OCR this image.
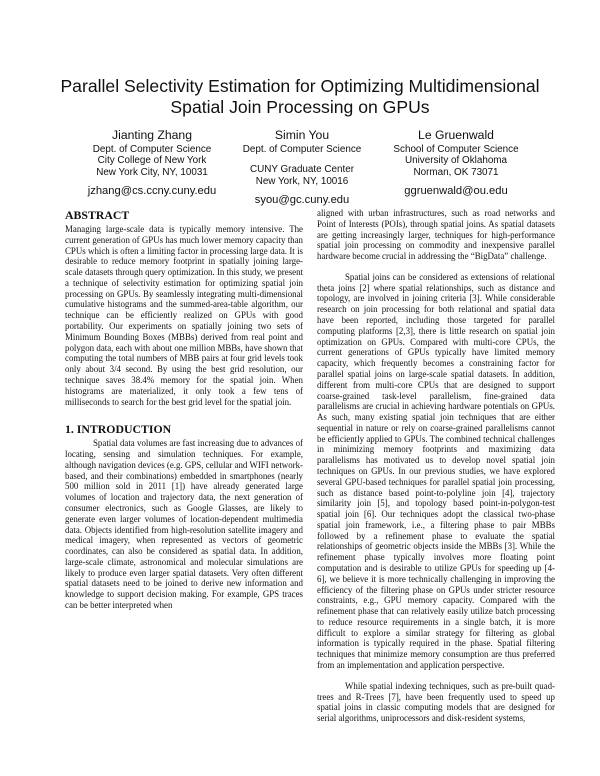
Parallel Selectivity Estimation for Optimizing Multidimensional Spatial Join Processing on GPUs
Jianting Zhang
Dept. of Computer Science
City College of New York
New York City, NY, 10031
jzhang@cs.ccny.cuny.edu
Simin You
Dept. of Computer Science
CUNY Graduate Center
New York, NY, 10016
syou@gc.cuny.edu
Le Gruenwald
School of Computer Science
University of Oklahoma
Norman, OK 73071
ggruenwald@ou.edu
ABSTRACT

Managing large-scale data is typically memory intensive. The current generation of GPUs has much lower memory capacity than CPUs which is often a limiting factor in processing large data. It is desirable to reduce memory footprint in spatially joining large-scale datasets through query optimization. In this study, we present a technique of selectivity estimation for optimizing spatial join processing on GPUs. By seamlessly integrating multi-dimensional cumulative histograms and the summed-area-table algorithm, our technique can be efficiently realized on GPUs with good portability. Our experiments on spatially joining two sets of Minimum Bounding Boxes (MBBs) derived from real point and polygon data, each with about one million MBBs, have shown that computing the total numbers of MBB pairs at four grid levels took only about 3/4 second. By using the best grid resolution, our technique saves 38.4% memory for the spatial join. When histograms are materialized, it only took a few tens of milliseconds to search for the best grid level for the spatial join.

1. INTRODUCTION

Spatial data volumes are fast increasing due to advances of locating, sensing and simulation techniques. For example, although navigation devices (e.g. GPS, cellular and WIFI network-based, and their combinations) embedded in smartphones (nearly 500 million sold in 2011 [1]) have already generated large volumes of location and trajectory data, the next generation of consumer electronics, such as Google Glasses, are likely to generate even larger volumes of location-dependent multimedia data. Objects identified from high-resolution satellite imagery and medical imagery, when represented as vectors of geometric coordinates, can also be considered as spatial data. In addition, large-scale climate, astronomical and molecular simulations are likely to produce even larger spatial datasets. Very often different spatial datasets need to be joined to derive new information and knowledge to support decision making. For example, GPS traces can be better interpreted when

aligned with urban infrastructures, such as road networks and Point of Interests (POIs), through spatial joins. As spatial datasets are getting increasingly larger, techniques for high-performance spatial join processing on commodity and inexpensive parallel hardware become crucial in addressing the “BigData” challenge.

Spatial joins can be considered as extensions of relational theta joins [2] where spatial relationships, such as distance and topology, are involved in joining criteria [3]. While considerable research on join processing for both relational and spatial data have been reported, including those targeted for parallel computing platforms [2,3], there is little research on spatial join optimization on GPUs. Compared with multi-core CPUs, the current generations of GPUs typically have limited memory capacity, which frequently becomes a constraining factor for parallel spatial joins on large-scale spatial datasets. In addition, different from multi-core CPUs that are designed to support coarse-grained task-level parallelism, fine-grained data parallelisms are crucial in achieving hardware potentials on GPUs. As such, many existing spatial join techniques that are either sequential in nature or rely on coarse-grained parallelisms cannot be efficiently applied to GPUs. The combined technical challenges in minimizing memory footprints and maximizing data parallelisms has motivated us to develop novel spatial join techniques on GPUs. In our previous studies, we have explored several GPU-based techniques for parallel spatial join processing, such as distance based point-to-polyline join [4], trajectory similarity join [5], and topology based point-in-polygon-test spatial join [6]. Our techniques adopt the classical two-phase spatial join framework, i.e., a filtering phase to pair MBBs followed by a refinement phase to evaluate the spatial relationships of geometric objects inside the MBBs [3]. While the refinement phase typically involves more floating point computation and is desirable to utilize GPUs for speeding up [4-6], we believe it is more technically challenging in improving the efficiency of the filtering phase on GPUs under stricter resource constraints, e.g., GPU memory capacity. Compared with the refinement phase that can relatively easily utilize batch processing to reduce resource requirements in a single batch, it is more difficult to explore a similar strategy for filtering as global information is typically required in the phase. Spatial filtering techniques that minimize memory consumption are thus preferred from an implementation and application perspective.

While spatial indexing techniques, such as pre-built quad-trees and R-Trees [7], have been frequently used to speed up spatial joins in classic computing models that are designed for serial algorithms, uniprocessors and disk-resident systems,
